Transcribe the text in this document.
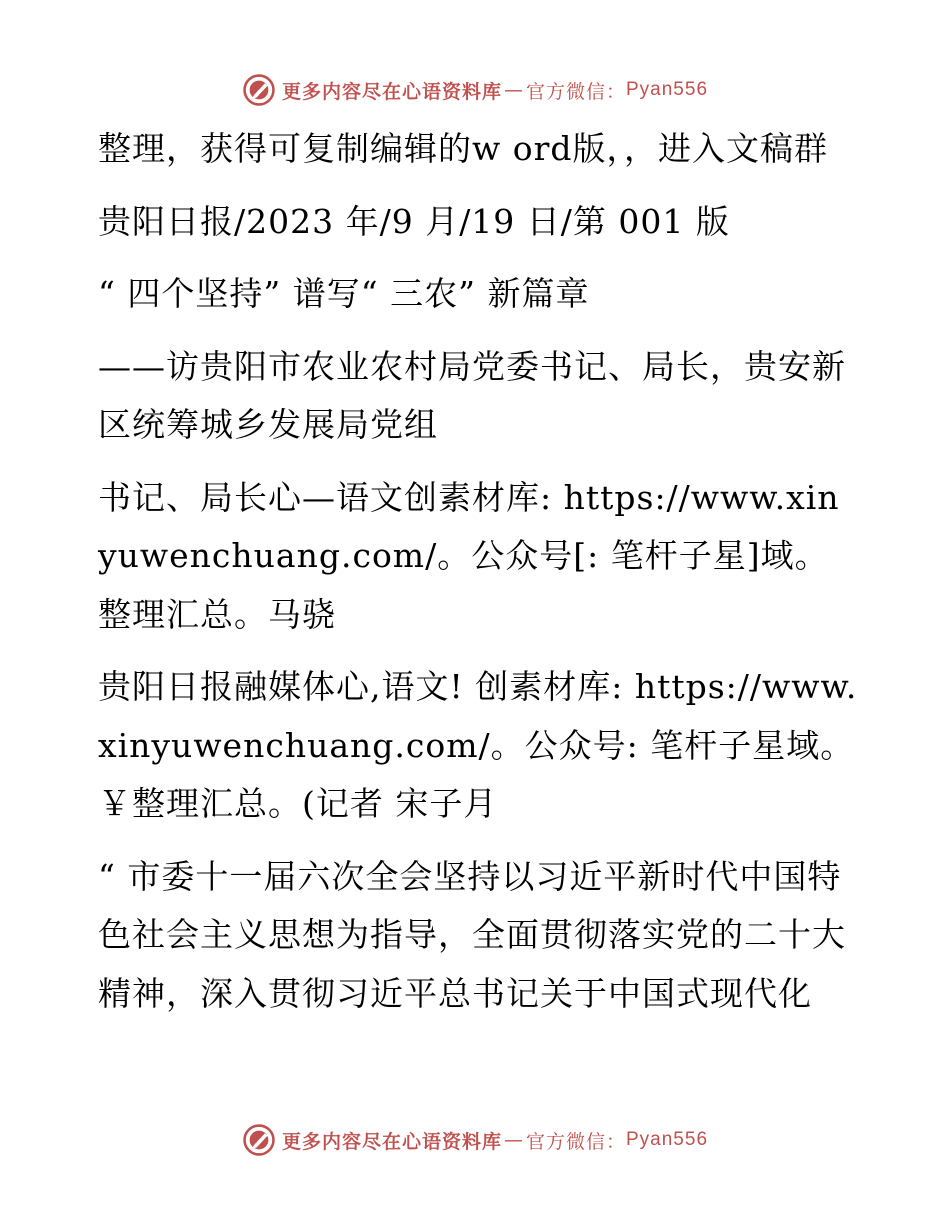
更多内容尽在心语资料库 — 官方微信： Pyan556

整理，获得可复制编辑的w ord版，，进入文稿群

贵阳日报/2023 年/9 月/19 日/第 001 版

“ 四个坚持” 谱写“ 三农” 新篇章

——访贵阳市农业农村局党委书记、局长，贵安新区统筹城乡发展局党组

书记、局长心—语文创素材库: https://www.xinyuwenchuang.com/。公众号[: 笔杆子星]域。整理汇总。马骁

贵阳日报融媒体心,语文! 创素材库: https://www.xinyuwenchuang.com/。公众号: 笔杆子星域。￥整理汇总。(记者 宋子月

“ 市委十一届六次全会坚持以习近平新时代中国特色社会主义思想为指导，全面贯彻落实党的二十大精神，深入贯彻习近平总书记关于中国式现代化

更多内容尽在心语资料库 — 官方微信： Pyan556
